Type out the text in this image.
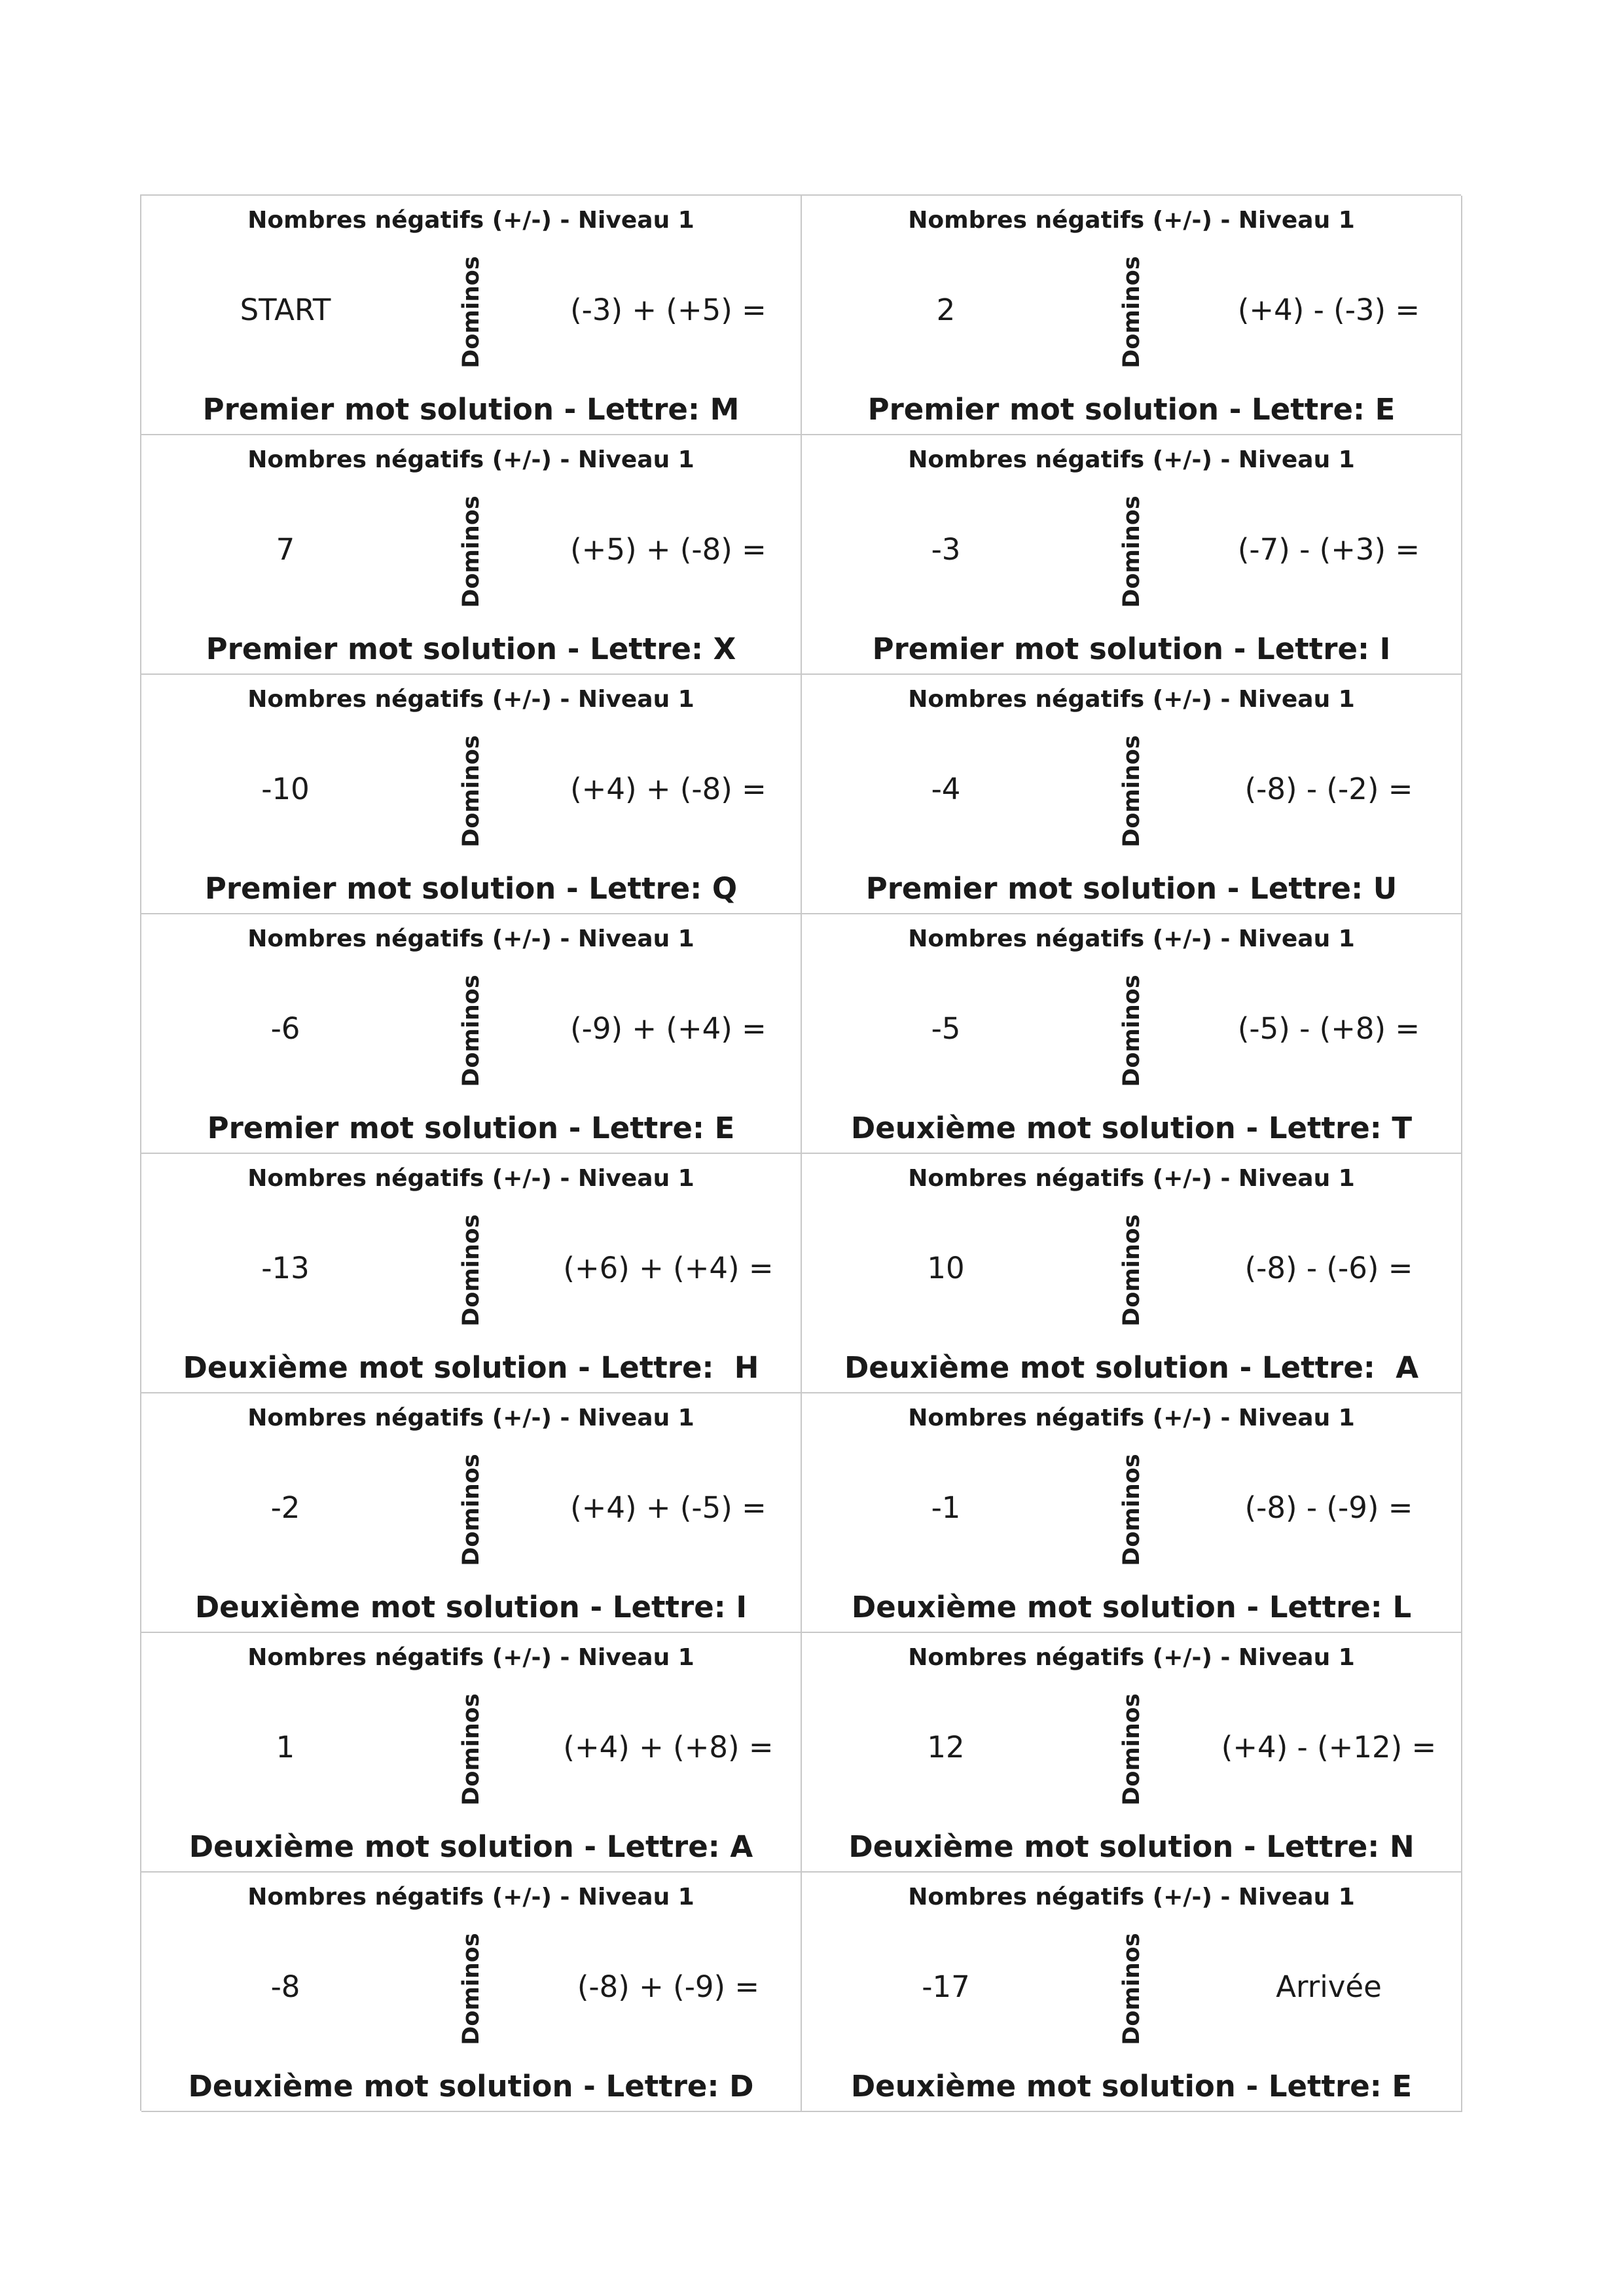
Nombres négatifs (+/-) - Niveau 1
START	Dominos	(-3) + (+5) =
Premier mot solution - Lettre: M
Nombres négatifs (+/-) - Niveau 1
2	Dominos	(+4) - (-3) =
Premier mot solution - Lettre: E
Nombres négatifs (+/-) - Niveau 1
7	Dominos	(+5) + (-8) =
Premier mot solution - Lettre: X
Nombres négatifs (+/-) - Niveau 1
-3	Dominos	(-7) - (+3) =
Premier mot solution - Lettre: I
Nombres négatifs (+/-) - Niveau 1
-10	Dominos	(+4) + (-8) =
Premier mot solution - Lettre: Q
Nombres négatifs (+/-) - Niveau 1
-4	Dominos	(-8) - (-2) =
Premier mot solution - Lettre: U
Nombres négatifs (+/-) - Niveau 1
-6	Dominos	(-9) + (+4) =
Premier mot solution - Lettre: E
Nombres négatifs (+/-) - Niveau 1
-5	Dominos	(-5) - (+8) =
Deuxième mot solution - Lettre: T
Nombres négatifs (+/-) - Niveau 1
-13	Dominos	(+6) + (+4) =
Deuxième mot solution - Lettre:  H
Nombres négatifs (+/-) - Niveau 1
10	Dominos	(-8) - (-6) =
Deuxième mot solution - Lettre:  A
Nombres négatifs (+/-) - Niveau 1
-2	Dominos	(+4) + (-5) =
Deuxième mot solution - Lettre: I
Nombres négatifs (+/-) - Niveau 1
-1	Dominos	(-8) - (-9) =
Deuxième mot solution - Lettre: L
Nombres négatifs (+/-) - Niveau 1
1	Dominos	(+4) + (+8) =
Deuxième mot solution - Lettre: A
Nombres négatifs (+/-) - Niveau 1
12	Dominos	(+4) - (+12) =
Deuxième mot solution - Lettre: N
Nombres négatifs (+/-) - Niveau 1
-8	Dominos	(-8) + (-9) =
Deuxième mot solution - Lettre: D
Nombres négatifs (+/-) - Niveau 1
-17	Dominos	Arrivée
Deuxième mot solution - Lettre: E
